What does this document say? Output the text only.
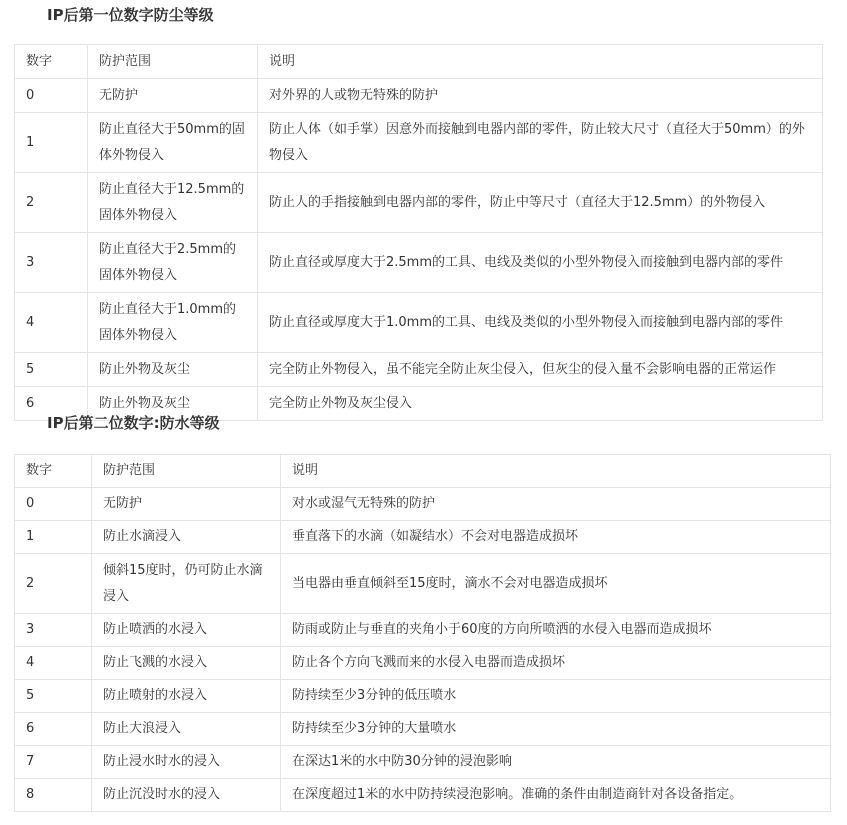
IP后第一位数字防尘等级
数字	防护范围	说明
0	无防护	对外界的人或物无特殊的防护
1	防止直径大于50mm的固体外物侵入	防止人体（如手掌）因意外而接触到电器内部的零件，防止较大尺寸（直径大于50mm）的外物侵入
2	防止直径大于12.5mm的固体外物侵入	防止人的手指接触到电器内部的零件，防止中等尺寸（直径大于12.5mm）的外物侵入
3	防止直径大于2.5mm的固体外物侵入	防止直径或厚度大于2.5mm的工具、电线及类似的小型外物侵入而接触到电器内部的零件
4	防止直径大于1.0mm的固体外物侵入	防止直径或厚度大于1.0mm的工具、电线及类似的小型外物侵入而接触到电器内部的零件
5	防止外物及灰尘	完全防止外物侵入，虽不能完全防止灰尘侵入，但灰尘的侵入量不会影响电器的正常运作
6	防止外物及灰尘	完全防止外物及灰尘侵入
IP后第二位数字:防水等级
数字	防护范围	说明
0	无防护	对水或湿气无特殊的防护
1	防止水滴浸入	垂直落下的水滴（如凝结水）不会对电器造成损坏
2	倾斜15度时，仍可防止水滴浸入	当电器由垂直倾斜至15度时，滴水不会对电器造成损坏
3	防止喷洒的水浸入	防雨或防止与垂直的夹角小于60度的方向所喷洒的水侵入电器而造成损坏
4	防止飞溅的水浸入	防止各个方向飞溅而来的水侵入电器而造成损坏
5	防止喷射的水浸入	防持续至少3分钟的低压喷水
6	防止大浪浸入	防持续至少3分钟的大量喷水
7	防止浸水时水的浸入	在深达1米的水中防30分钟的浸泡影响
8	防止沉没时水的浸入	在深度超过1米的水中防持续浸泡影响。准确的条件由制造商针对各设备指定。
